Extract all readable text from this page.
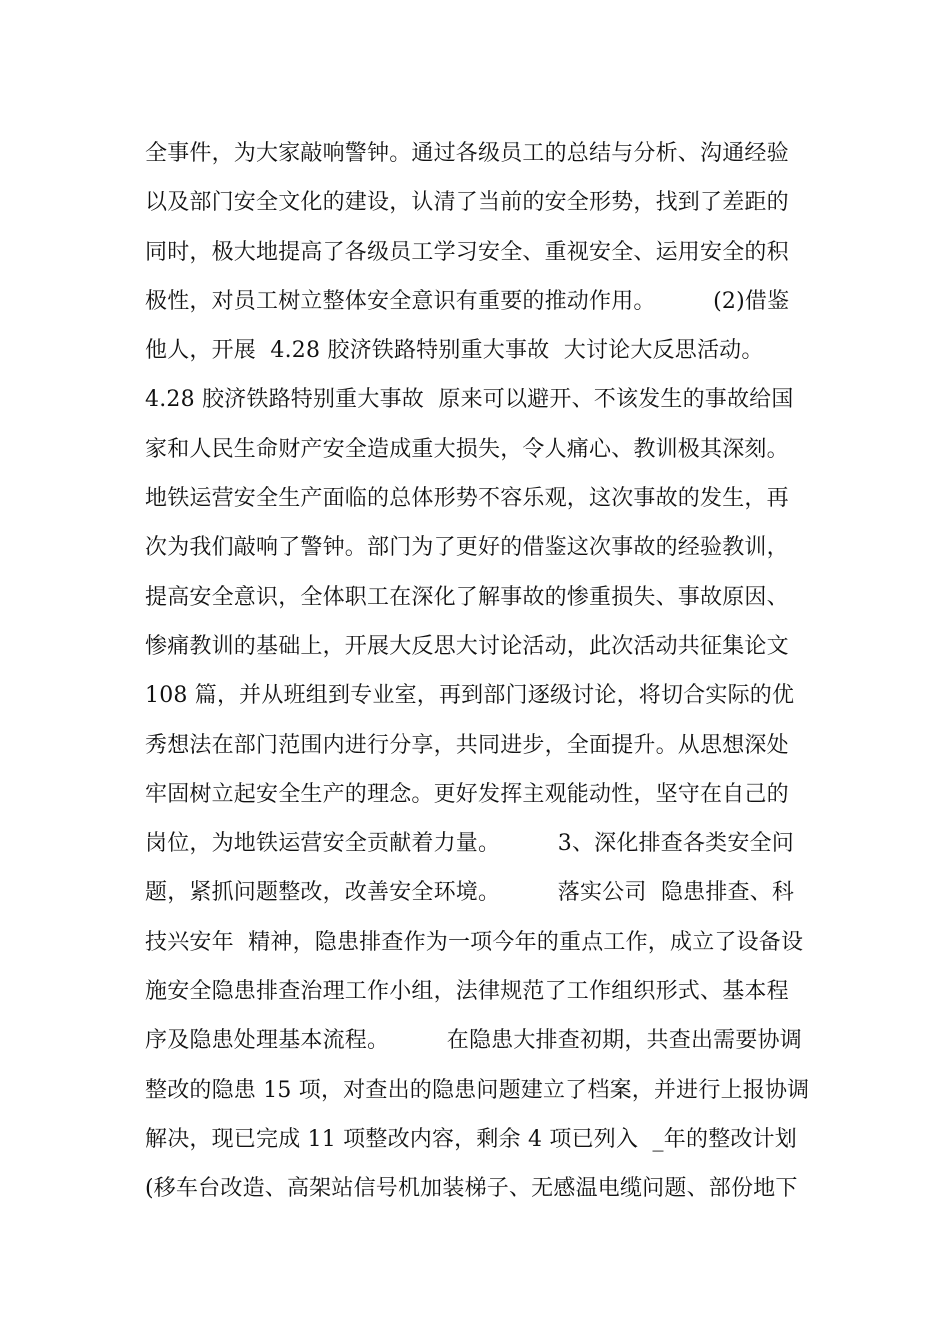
全事件，为大家敲响警钟。通过各级员工的总结与分析、沟通经验
以及部门安全文化的建设，认清了当前的安全形势，找到了差距的
同时，极大地提高了各级员工学习安全、重视安全、运用安全的积
极性，对员工树立整体安全意识有重要的推动作用。        (2)借鉴
他人，开展  4.28 胶济铁路特别重大事故  大讨论大反思活动。
4.28 胶济铁路特别重大事故  原来可以避开、不该发生的事故给国
家和人民生命财产安全造成重大损失，令人痛心、教训极其深刻。
地铁运营安全生产面临的总体形势不容乐观，这次事故的发生，再
次为我们敲响了警钟。部门为了更好的借鉴这次事故的经验教训，
提高安全意识，全体职工在深化了解事故的惨重损失、事故原因、
惨痛教训的基础上，开展大反思大讨论活动，此次活动共征集论文
108 篇，并从班组到专业室，再到部门逐级讨论，将切合实际的优
秀想法在部门范围内进行分享，共同进步，全面提升。从思想深处
牢固树立起安全生产的理念。更好发挥主观能动性，坚守在自己的
岗位，为地铁运营安全贡献着力量。        3、深化排查各类安全问
题，紧抓问题整改，改善安全环境。        落实公司  隐患排查、科
技兴安年  精神，隐患排查作为一项今年的重点工作，成立了设备设
施安全隐患排查治理工作小组，法律规范了工作组织形式、基本程
序及隐患处理基本流程。        在隐患大排查初期，共查出需要协调
整改的隐患 15 项，对查出的隐患问题建立了档案，并进行上报协调
解决，现已完成 11 项整改内容，剩余 4 项已列入  _年的整改计划
(移车台改造、高架站信号机加装梯子、无感温电缆问题、部份地下
